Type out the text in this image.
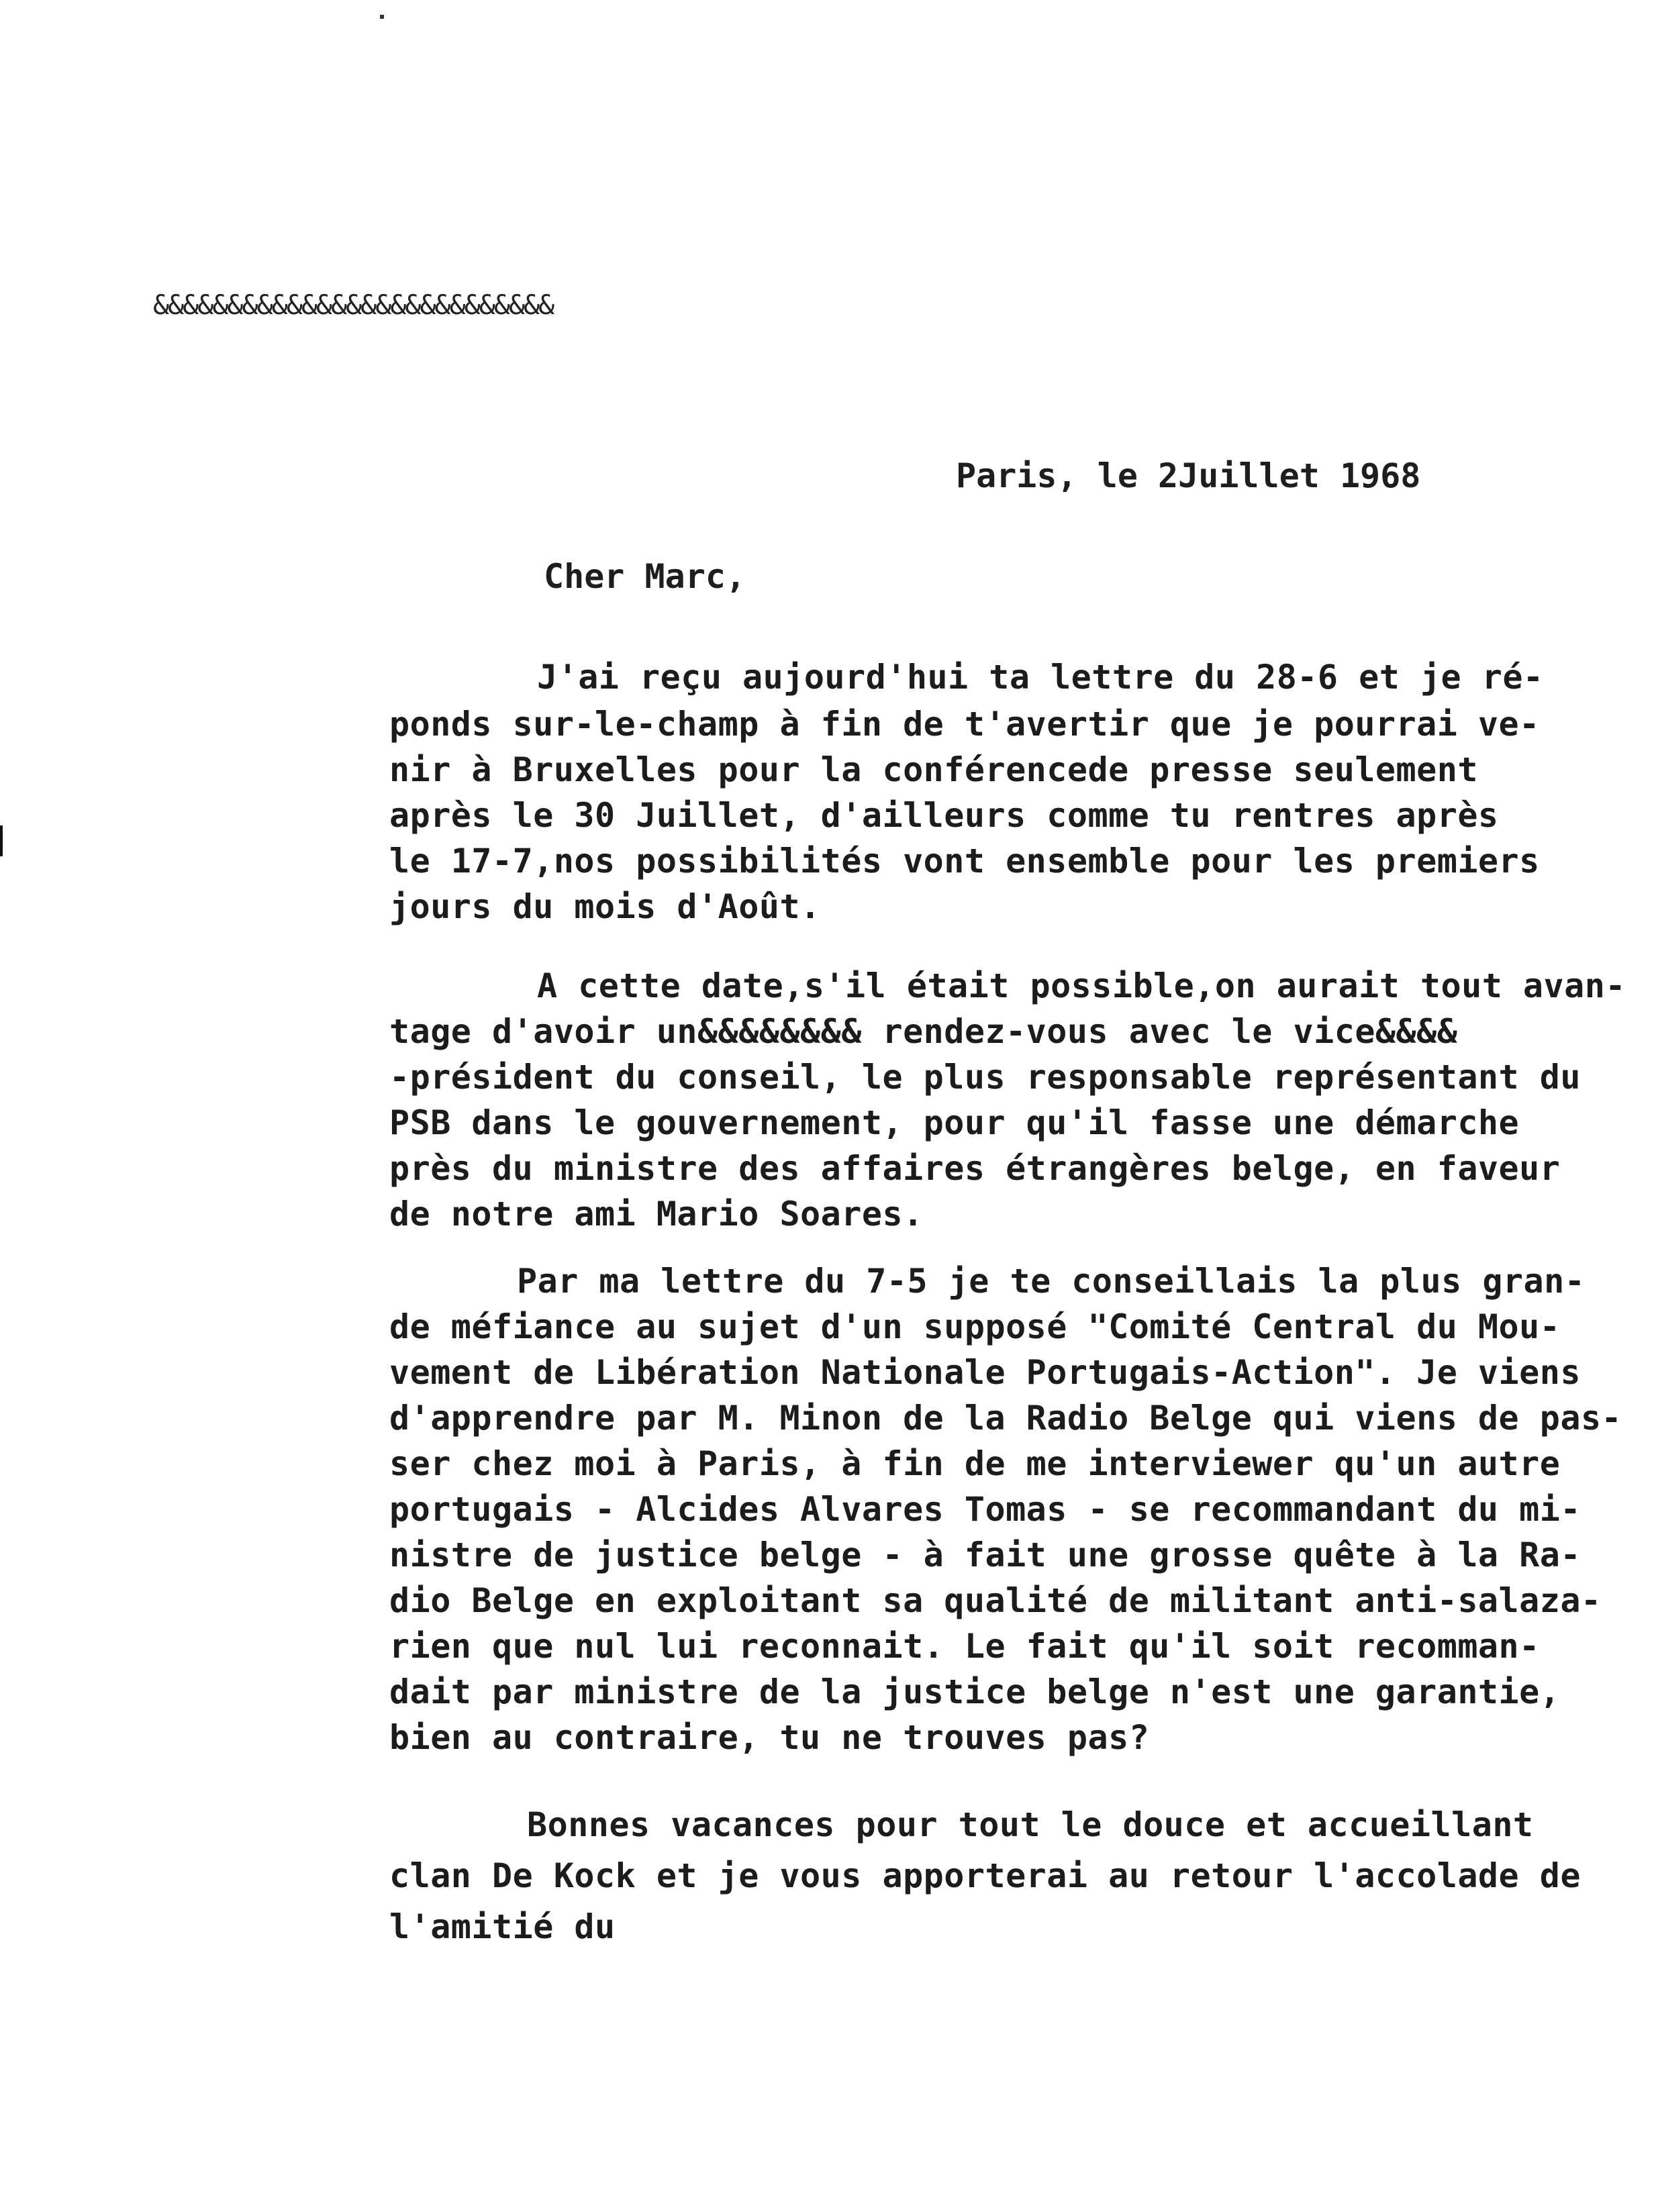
&&&&&&&&&&&&&&&&&&&&&&&&&&&
Paris, le 2Juillet 1968
Cher Marc,
J'ai reçu aujourd'hui ta lettre du 28-6 et je ré-
ponds sur-le-champ à fin de t'avertir que je pourrai ve-
nir à Bruxelles pour la conférencede presse seulement
après le 30 Juillet, d'ailleurs comme tu rentres après
le 17-7,nos possibilités vont ensemble pour les premiers
jours du mois d'Août.
A cette date,s'il était possible,on aurait tout avan-
tage d'avoir un&&&&&&&& rendez-vous avec le vice&&&&
-président du conseil, le plus responsable représentant du
PSB dans le gouvernement, pour qu'il fasse une démarche
près du ministre des affaires étrangères belge, en faveur
de notre ami Mario Soares.
Par ma lettre du 7-5 je te conseillais la plus gran-
de méfiance au sujet d'un supposé "Comité Central du Mou-
vement de Libération Nationale Portugais-Action". Je viens
d'apprendre par M. Minon de la Radio Belge qui viens de pas-
ser chez moi à Paris, à fin de me interviewer qu'un autre
portugais - Alcides Alvares Tomas - se recommandant du mi-
nistre de justice belge - à fait une grosse quête à la Ra-
dio Belge en exploitant sa qualité de militant anti-salaza-
rien que nul lui reconnait. Le fait qu'il soit recomman-
dait par ministre de la justice belge n'est une garantie,
bien au contraire, tu ne trouves pas?
Bonnes vacances pour tout le douce et accueillant
clan De Kock et je vous apporterai au retour l'accolade de
l'amitié du
